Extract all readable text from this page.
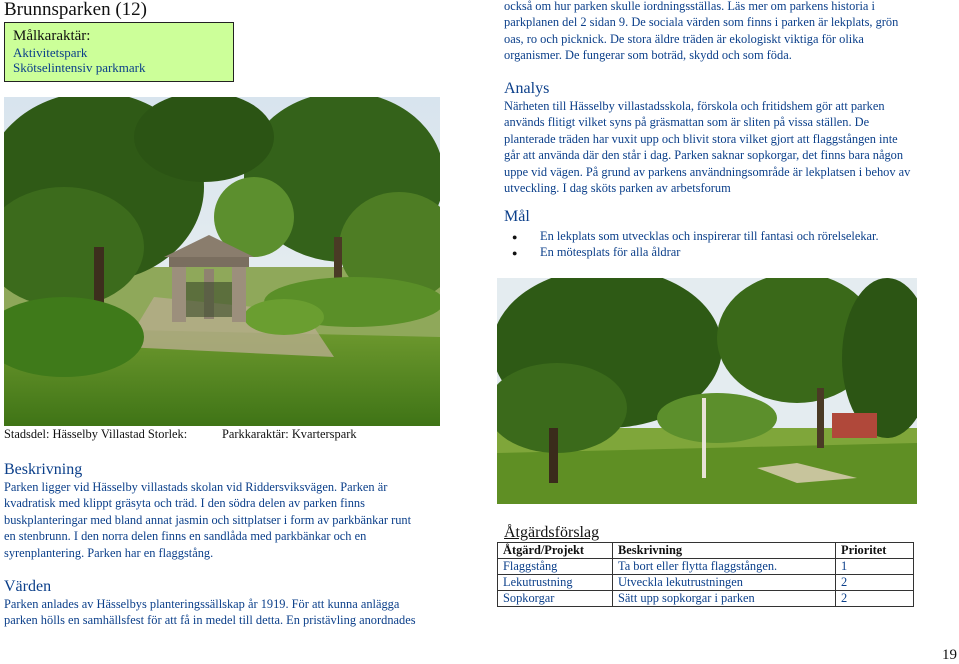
Brunnsparken (12)
Målkaraktär:
Aktivitetspark
Skötselintensiv parkmark

också om hur parken skulle iordningsställas. Läs mer om parkens historia i

parkplanen del 2 sidan 9. De sociala värden som finns i parken är lekplats, grön

oas, ro och picknick. De stora äldre träden är ekologiskt viktiga för olika

organismer. De fungerar som boträd, skydd och som föda.

Analys

Närheten till Hässelby villastadsskola, förskola och fritidshem gör att parken

används flitigt vilket syns på gräsmattan som är sliten på vissa ställen. De

planterade träden har vuxit upp och blivit stora vilket gjort att flaggstången inte

går att använda där den står i dag. Parken saknar sopkorgar, det finns bara någon

uppe vid vägen. På grund av parkens användningsområde är lekplatsen i behov av

utveckling. I dag sköts parken av arbetsforum

Mål
● En lekplats som utvecklas och inspirerar till fantasi och rörelselekar.
● En mötesplats för alla åldrar
Stadsdel: Hässelby Villastad Storlek:	Parkkaraktär: Kvarterspark
Beskrivning

Parken ligger vid Hässelby villastads skolan vid Riddersviksvägen. Parken är

kvadratisk med klippt gräsyta och träd. I den södra delen av parken finns

buskplanteringar med bland annat jasmin och sittplatser i form av parkbänkar runt

en stenbrunn. I den norra delen finns en sandlåda med parkbänkar och en

syrenplantering. Parken har en flaggstång.

Värden

Parken anlades av Hässelbys planteringssällskap år 1919. För att kunna anlägga

parken hölls en samhällsfest för att få in medel till detta. En pristävling anordnades

Åtgärdsförslag
Åtgärd/Projekt	Beskrivning	Prioritet
Flaggstång	Ta bort eller flytta flaggstången.	1
Lekutrustning	Utveckla lekutrustningen	2
Sopkorgar	Sätt upp sopkorgar i parken	2
19
